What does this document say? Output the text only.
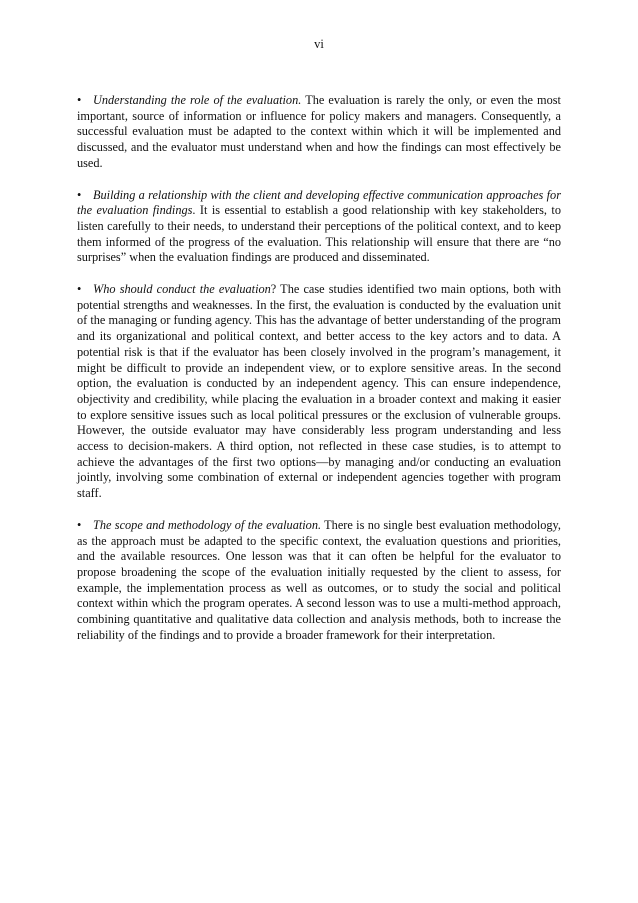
vi

• Understanding the role of the evaluation. The evaluation is rarely the only, or even the most important, source of information or influence for policy makers and managers. Consequently, a successful evaluation must be adapted to the context within which it will be implemented and discussed, and the evaluator must understand when and how the findings can most effectively be used.

• Building a relationship with the client and developing effective communication approaches for the evaluation findings. It is essential to establish a good relationship with key stakeholders, to listen carefully to their needs, to understand their perceptions of the political context, and to keep them informed of the progress of the evaluation. This relationship will ensure that there are “no surprises” when the evaluation findings are produced and disseminated.

• Who should conduct the evaluation? The case studies identified two main options, both with potential strengths and weaknesses. In the first, the evaluation is conducted by the evaluation unit of the managing or funding agency. This has the advantage of better understanding of the program and its organizational and political context, and better access to the key actors and to data. A potential risk is that if the evaluator has been closely involved in the program’s management, it might be difficult to provide an independent view, or to explore sensitive areas. In the second option, the evaluation is conducted by an independent agency. This can ensure independence, objectivity and credibility, while placing the evaluation in a broader context and making it easier to explore sensitive issues such as local political pressures or the exclusion of vulnerable groups. However, the outside evaluator may have considerably less program understanding and less access to decision-makers. A third option, not reflected in these case studies, is to attempt to achieve the advantages of the first two options—by managing and/or conducting an evaluation jointly, involving some combination of external or independent agencies together with program staff.

• The scope and methodology of the evaluation. There is no single best evaluation methodology, as the approach must be adapted to the specific context, the evaluation questions and priorities, and the available resources. One lesson was that it can often be helpful for the evaluator to propose broadening the scope of the evaluation initially requested by the client to assess, for example, the implementation process as well as outcomes, or to study the social and political context within which the program operates. A second lesson was to use a multi-method approach, combining quantitative and qualitative data collection and analysis methods, both to increase the reliability of the findings and to provide a broader framework for their interpretation.
